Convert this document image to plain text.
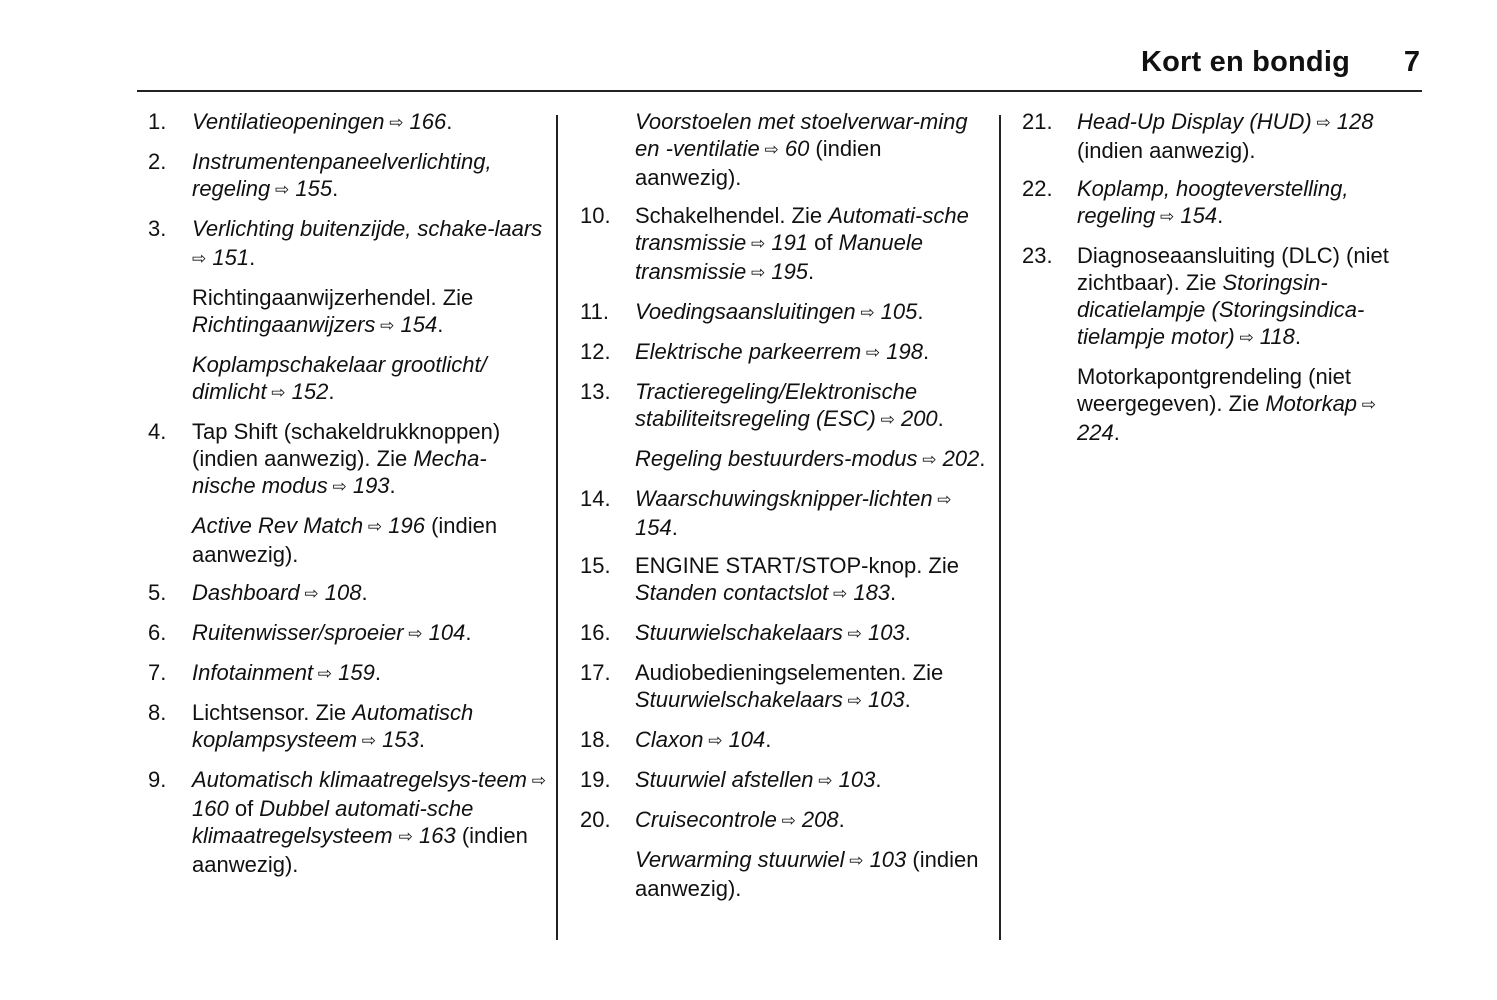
Kort en bondig 7
1. Ventilatieopeningen ⇨ 166.
2. Instrumentenpaneelverlichting, regeling ⇨ 155.
3. Verlichting buitenzijde, schake-laars ⇨ 151.
Richtingaanwijzerhendel. Zie Richtingaanwijzers ⇨ 154.
Koplampschakelaar grootlicht/ dimlicht ⇨ 152.
4. Tap Shift (schakeldrukknoppen) (indien aanwezig). Zie Mecha-nische modus ⇨ 193.
Active Rev Match ⇨ 196 (indien aanwezig).
5. Dashboard ⇨ 108.
6. Ruitenwisser/sproeier ⇨ 104.
7. Infotainment ⇨ 159.
8. Lichtsensor. Zie Automatisch koplampsysteem ⇨ 153.
9. Automatisch klimaatregelsys-teem ⇨ 160 of Dubbel automati-sche klimaatregelsysteem ⇨ 163 (indien aanwezig).
Voorstoelen met stoelverwar-ming en -ventilatie ⇨ 60 (indien aanwezig).
10. Schakelhendel. Zie Automati-sche transmissie ⇨ 191 of Manuele transmissie ⇨ 195.
11. Voedingsaansluitingen ⇨ 105.
12. Elektrische parkeerrem ⇨ 198.
13. Tractieregeling/Elektronische stabiliteitsregeling (ESC) ⇨ 200.
Regeling bestuurders-modus ⇨ 202.
14. Waarschuwingsknipper-lichten ⇨ 154.
15. ENGINE START/STOP-knop. Zie Standen contactslot ⇨ 183.
16. Stuurwielschakelaars ⇨ 103.
17. Audiobedieningselementen. Zie Stuurwielschakelaars ⇨ 103.
18. Claxon ⇨ 104.
19. Stuurwiel afstellen ⇨ 103.
20. Cruisecontrole ⇨ 208.
Verwarming stuurwiel ⇨ 103 (indien aanwezig).
21. Head-Up Display (HUD) ⇨ 128 (indien aanwezig).
22. Koplamp, hoogteverstelling, regeling ⇨ 154.
23. Diagnoseaansluiting (DLC) (niet zichtbaar). Zie Storingsin-dicatielampje (Storingsindica-tielampje motor) ⇨ 118.
Motorkapontgrendeling (niet weergegeven). Zie Motorkap ⇨ 224.
